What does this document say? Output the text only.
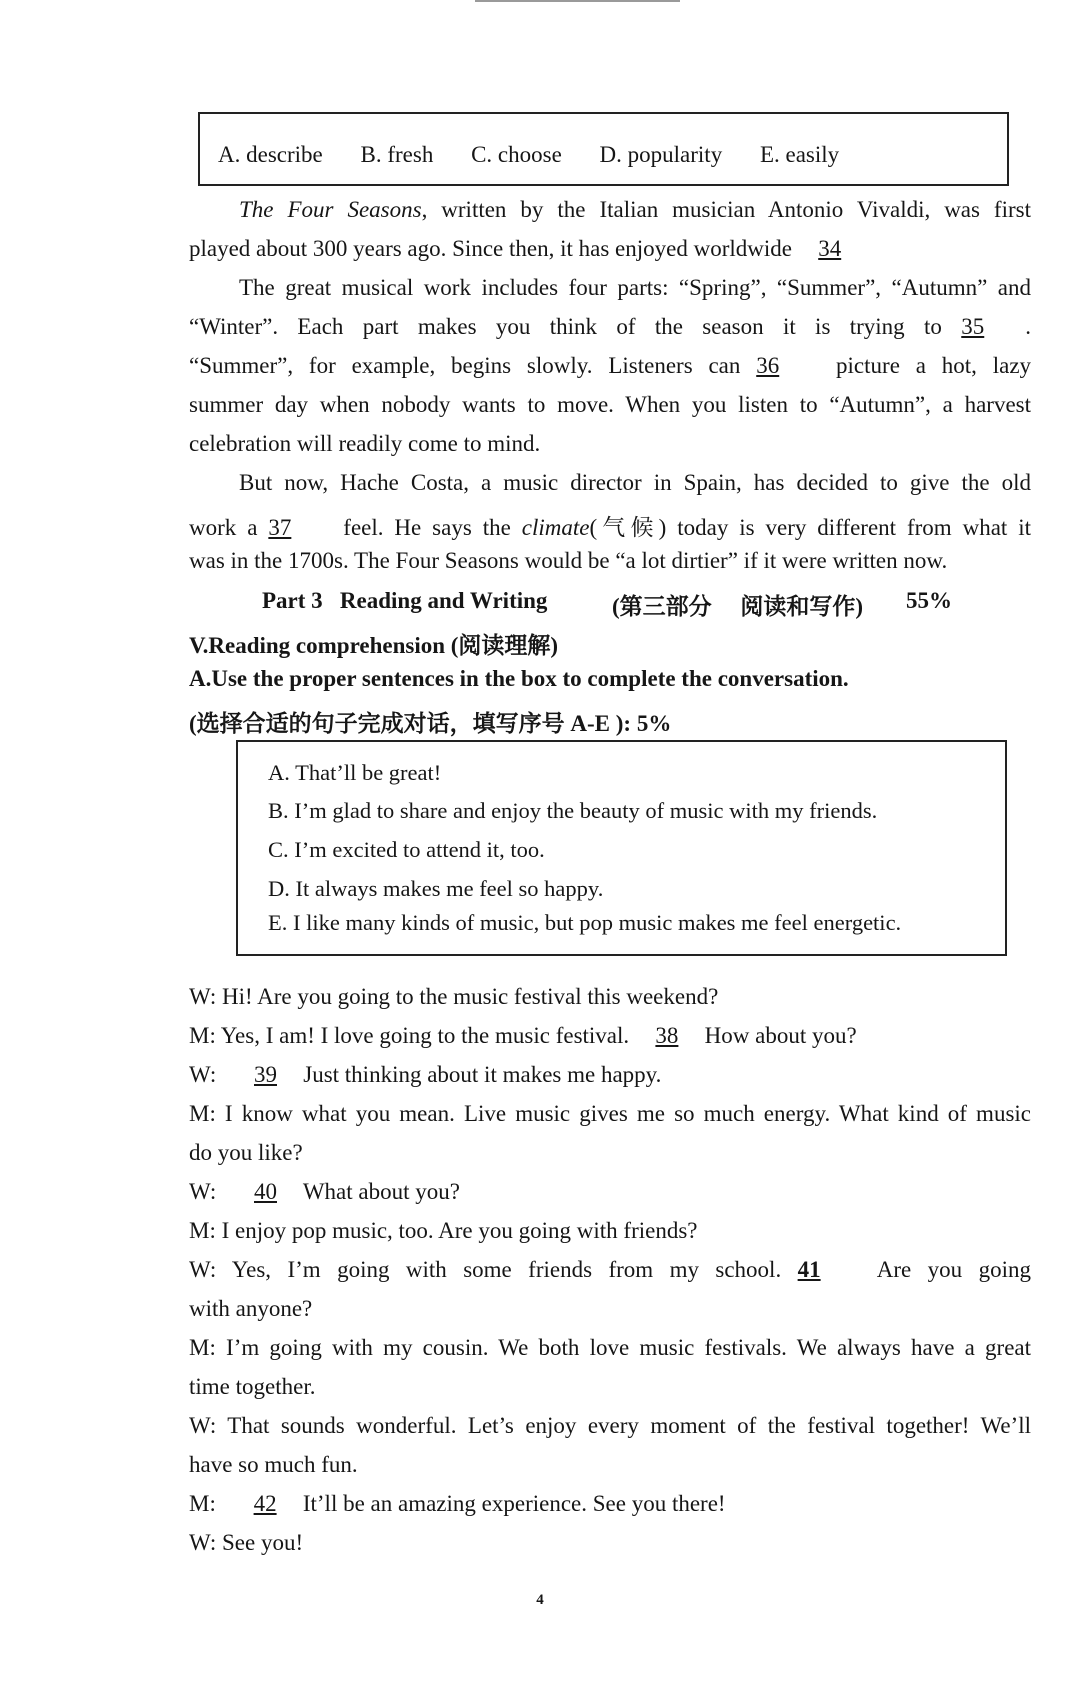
A. describe B. fresh C. choose D. popularity E. easily
The Four Seasons, written by the Italian musician Antonio Vivaldi, was first
played about 300 years ago. Since then, it has enjoyed worldwide 34
The great musical work includes four parts: “Spring”, “Summer”, “Autumn” and
“Winter”. Each part makes you think of the season it is trying to 35 .
“Summer”, for example, begins slowly. Listeners can 36 picture a hot, lazy
summer day when nobody wants to move. When you listen to “Autumn”, a harvest
celebration will readily come to mind.
But now, Hache Costa, a music director in Spain, has decided to give the old
work a 37 feel. He says the climate(气候) today is very different from what it
was in the 1700s. The Four Seasons would be “a lot dirtier” if it were written now.
Part 3 Reading and Writing	(第三部分 阅读和写作) 55%
V.Reading comprehension (阅读理解)
A.Use the proper sentences in the box to complete the conversation.
(选择合适的句子完成对话，填写序号 A-E ): 5%
A. That’ll be great!
B. I’m glad to share and enjoy the beauty of music with my friends.
C. I’m excited to attend it, too.
D. It always makes me feel so happy.
E. I like many kinds of music, but pop music makes me feel energetic.
W: Hi! Are you going to the music festival this weekend?
M: Yes, I am! I love going to the music festival. 38 How about you?
W: 39 Just thinking about it makes me happy.
M: I know what you mean. Live music gives me so much energy. What kind of music
do you like?
W: 40 What about you?
M: I enjoy pop music, too. Are you going with friends?
W: Yes, I’m going with some friends from my school. 41 Are you going
with anyone?
M: I’m going with my cousin. We both love music festivals. We always have a great
time together.
W: That sounds wonderful. Let’s enjoy every moment of the festival together! We’ll
have so much fun.
M: 42 It’ll be an amazing experience. See you there!
W: See you!
4
